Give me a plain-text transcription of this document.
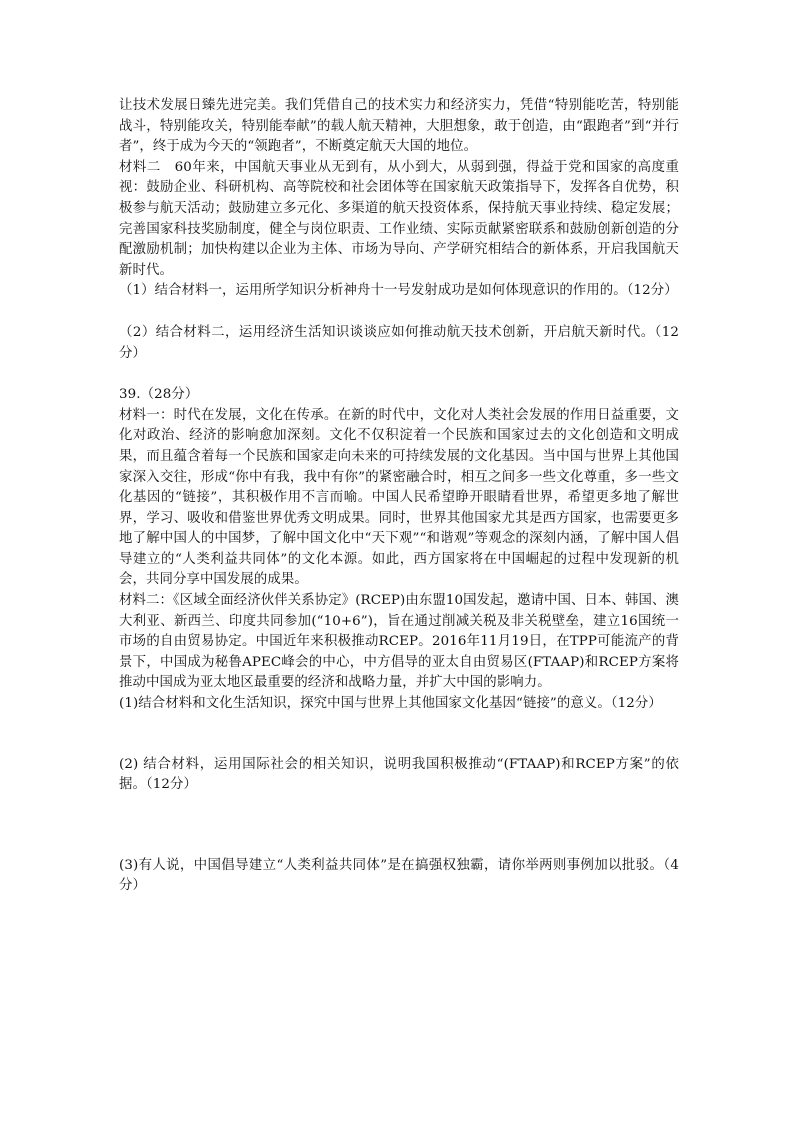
让技术发展日臻先进完美。我们凭借自己的技术实力和经济实力，凭借“特别能吃苦，特别能战斗，特别能攻关，特别能奉献”的载人航天精神，大胆想象，敢于创造，由“跟跑者”到“并行者”，终于成为今天的“领跑者”，不断奠定航天大国的地位。

材料二　60年来，中国航天事业从无到有，从小到大，从弱到强，得益于党和国家的高度重视：鼓励企业、科研机构、高等院校和社会团体等在国家航天政策指导下，发挥各自优势，积极参与航天活动；鼓励建立多元化、多渠道的航天投资体系，保持航天事业持续、稳定发展；完善国家科技奖励制度，健全与岗位职责、工作业绩、实际贡献紧密联系和鼓励创新创造的分配激励机制；加快构建以企业为主体、市场为导向、产学研究相结合的新体系，开启我国航天新时代。

（1）结合材料一，运用所学知识分析神舟十一号发射成功是如何体现意识的作用的。（12分）

（2）结合材料二，运用经济生活知识谈谈应如何推动航天技术创新，开启航天新时代。（12分）

39.（28分）

材料一：时代在发展，文化在传承。在新的时代中，文化对人类社会发展的作用日益重要，文化对政治、经济的影响愈加深刻。文化不仅积淀着一个民族和国家过去的文化创造和文明成果，而且蕴含着每一个民族和国家走向未来的可持续发展的文化基因。当中国与世界上其他国家深入交往，形成“你中有我，我中有你”的紧密融合时，相互之间多一些文化尊重，多一些文化基因的“链接”，其积极作用不言而喻。中国人民希望睁开眼睛看世界，希望更多地了解世界，学习、吸收和借鉴世界优秀文明成果。同时，世界其他国家尤其是西方国家，也需要更多地了解中国人的中国梦，了解中国文化中“天下观”“和谐观”等观念的深刻内涵，了解中国人倡导建立的“人类利益共同体”的文化本源。如此，西方国家将在中国崛起的过程中发现新的机会，共同分享中国发展的成果。

材料二：《区域全面经济伙伴关系协定》(RCEP)由东盟10国发起，邀请中国、日本、韩国、澳大利亚、新西兰、印度共同参加(“10+6”)，旨在通过削减关税及非关税壁垒，建立16国统一市场的自由贸易协定。中国近年来积极推动RCEP。2016年11月19日，在TPP可能流产的背景下，中国成为秘鲁APEC峰会的中心，中方倡导的亚太自由贸易区(FTAAP)和RCEP方案将推动中国成为亚太地区最重要的经济和战略力量，并扩大中国的影响力。

(1)结合材料和文化生活知识，探究中国与世界上其他国家文化基因“链接”的意义。（12分）

(2) 结合材料，运用国际社会的相关知识，说明我国积极推动“(FTAAP)和RCEP方案”的依据。（12分）

(3)有人说，中国倡导建立“人类利益共同体”是在搞强权独霸，请你举两则事例加以批驳。（4分）
